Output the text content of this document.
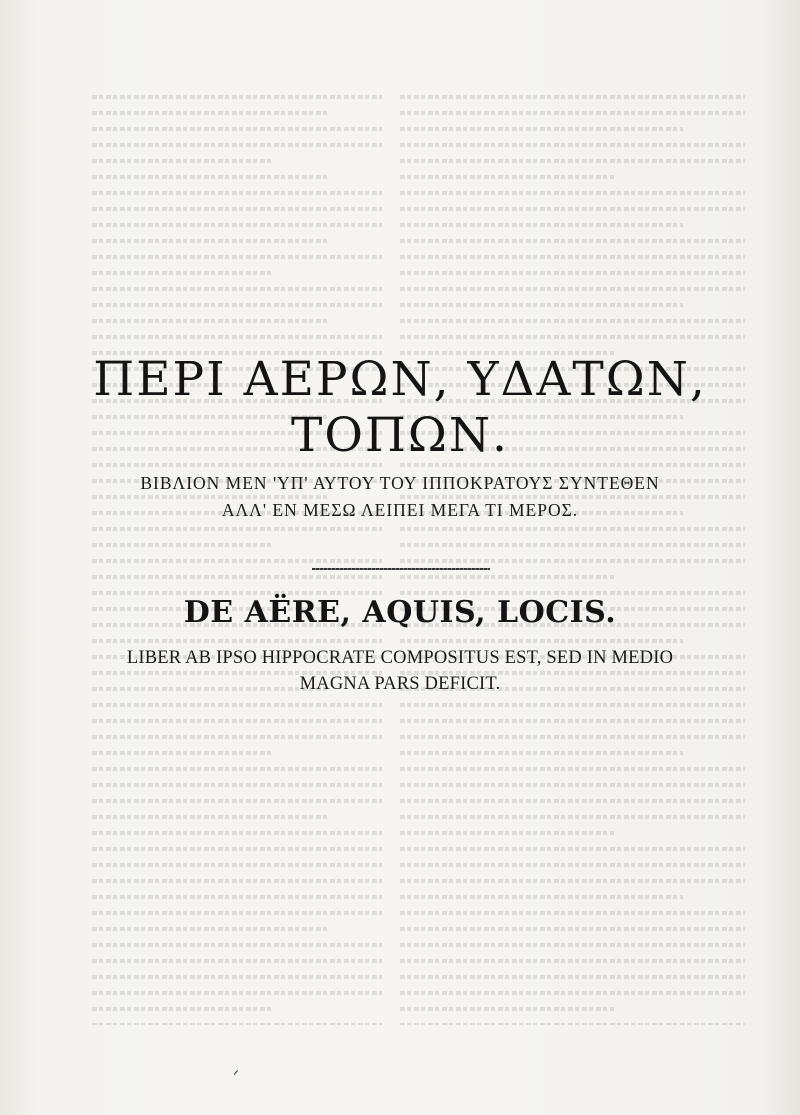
ΠΕΡΙ ΑΕΡΩΝ, ΥΔΑΤΩΝ,
ΤΟΠΩΝ.
ΒΙΒΛΙΟΝ ΜΕΝ 'ΥΠ' ΑΥΤΟΥ ΤΟΥ ΙΠΠΟΚΡΑΤΟΥΣ ΣΥΝΤΕΘΕΝ
ΑΛΛ' ΕΝ ΜΕΣΩ ΛΕΙΠΕΙ ΜΕΓΑ ΤΙ ΜΕΡΟΣ.
DE AËRE, AQUIS, LOCIS.
LIBER AB IPSO HIPPOCRATE COMPOSITUS EST, SED IN MEDIO
MAGNA PARS DEFICIT.
ᐟ
